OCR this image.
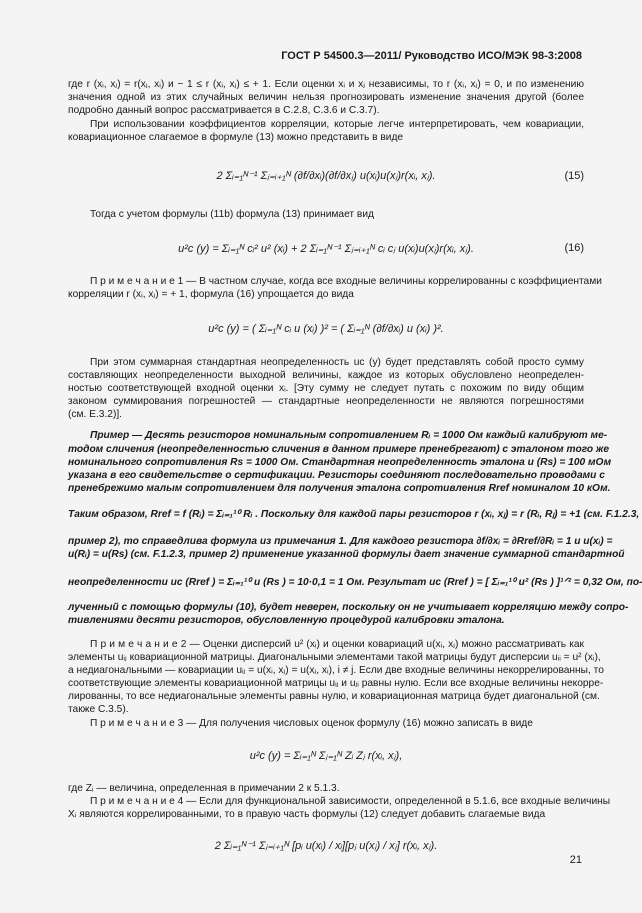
ГОСТ Р 54500.3—2011/ Руководство ИСО/МЭК 98-3:2008
где r (xᵢ, xⱼ) = r(xⱼ, xᵢ) и − 1 ≤ r (xᵢ, xⱼ) ≤ + 1. Если оценки xᵢ и xⱼ независимы, то r (xᵢ, xⱼ) = 0, и по изменению
значения одной из этих случайных величин нельзя прогнозировать изменение значения другой (более
подробно данный вопрос рассматривается в С.2.8, С.3.6 и С.3.7).
При использовании коэффициентов корреляции, которые легче интерпретировать, чем ковариации,
ковариационное слагаемое в формуле (13) можно представить в виде
2 Σᵢ₌₁ᴺ⁻¹ Σⱼ₌ᵢ₊₁ᴺ (∂f/∂xᵢ)(∂f/∂xⱼ) u(xᵢ)u(xⱼ)r(xᵢ, xⱼ).	(15)
Тогда с учетом формулы (11b) формула (13) принимает вид
u²c (y) = Σᵢ₌₁ᴺ cᵢ² u² (xᵢ) + 2 Σᵢ₌₁ᴺ⁻¹ Σⱼ₌ᵢ₊₁ᴺ cᵢ cⱼ u(xᵢ)u(xⱼ)r(xᵢ, xⱼ).	(16)
П р и м е ч а н и е 1 — В частном случае, когда все входные величины коррелированны с коэффициентами
корреляции r (xᵢ, xⱼ) = + 1, формула (16) упрощается до вида
u²c (y) = ( Σᵢ₌₁ᴺ cᵢ u (xᵢ) )² = ( Σᵢ₌₁ᴺ (∂f/∂xᵢ) u (xᵢ) )².
При этом суммарная стандартная неопределенность uc (y) будет представлять собой просто сумму
составляющих неопределенности выходной величины, каждое из которых обусловлено неопределен-
ностью соответствующей входной оценки xᵢ. [Эту сумму не следует путать с похожим по виду общим
законом суммирования погрешностей — стандартные неопределенности не являются погрешностями
(см. Е.3.2)].
Пример — Десять резисторов номинальным сопротивлением Rᵢ = 1000 Ом каждый калибруют ме-
тодом сличения (неопределенностью сличения в данном примере пренебрегают) с эталоном того же
номинального сопротивления Rs = 1000 Ом. Стандартная неопределенность эталона u (Rs) = 100 мОм
указана в его свидетельстве о сертификации. Резисторы соединяют последовательно проводами с
пренебрежимо малым сопротивлением для получения эталона сопротивления Rref номиналом 10 кОм.
Таким образом, Rref = f (Rᵢ) = Σᵢ₌₁¹⁰ Rᵢ . Поскольку для каждой пары резисторов r (xᵢ, xⱼ) = r (Rᵢ, Rⱼ) = +1 (см. F.1.2.3,
пример 2), то справедлива формула из примечания 1. Для каждого резистора ∂f/∂xᵢ = ∂Rref/∂Rᵢ = 1 и u(xᵢ) =
u(Rᵢ) = u(Rs) (см. F.1.2.3, пример 2) применение указанной формулы дает значение суммарной стандартной
неопределенности uc (Rref ) = Σᵢ₌₁¹⁰ u (Rs ) = 10·0,1 = 1 Ом. Результат uc (Rref ) = [ Σᵢ₌₁¹⁰ u² (Rs ) ]¹ᐟ² = 0,32 Ом, по-
лученный с помощью формулы (10), будет неверен, поскольку он не учитывает корреляцию между сопро-
тивлениями десяти резисторов, обусловленную процедурой калибровки эталона.
П р и м е ч а н и е 2 — Оценки дисперсий u² (xᵢ) и оценки ковариаций u(xᵢ, xⱼ) можно рассматривать как
элементы uᵢⱼ ковариационной матрицы. Диагональными элементами такой матрицы будут дисперсии uᵢᵢ = u² (xᵢ),
а недиагональными — ковариации uᵢⱼ = u(xᵢ, xⱼ) = u(xⱼ, xᵢ), i ≠ j. Если две входные величины некоррелированны, то
соответствующие элементы ковариационной матрицы uᵢⱼ и uⱼᵢ равны нулю. Если все входные величины некорре-
лированны, то все недиагональные элементы равны нулю, и ковариационная матрица будет диагональной (см.
также С.3.5).
П р и м е ч а н и е 3 — Для получения числовых оценок формулу (16) можно записать в виде
u²c (y) = Σᵢ₌₁ᴺ Σⱼ₌₁ᴺ Zᵢ Zⱼ r(xᵢ, xⱼ),
где Zᵢ — величина, определенная в примечании 2 к 5.1.3.
П р и м е ч а н и е 4 — Если для функциональной зависимости, определенной в 5.1.6, все входные величины
Xᵢ являются коррелированными, то в правую часть формулы (12) следует добавить слагаемые вида
2 Σᵢ₌₁ᴺ⁻¹ Σⱼ₌ᵢ₊₁ᴺ [pᵢ u(xᵢ) / xᵢ][pⱼ u(xⱼ) / xⱼ] r(xᵢ, xⱼ).
21
